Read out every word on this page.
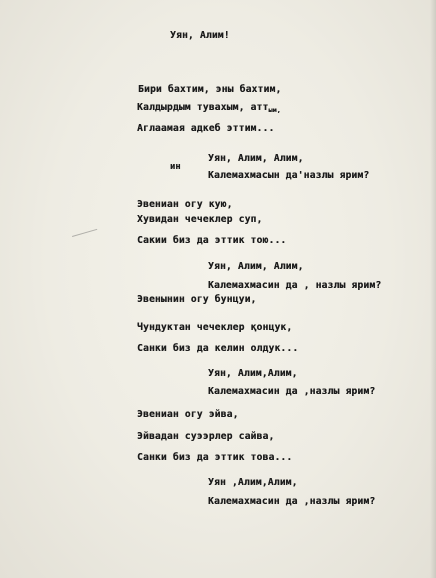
Уян, Алим!
Бири бахтим, эны бахтим,
Калдырдым тувахым, атт$_{ым,}$
Аглаамая адкеб эттим...
Уян, Алим, Алим,
Калемахмасын да'назлы ярим?
ин
Эвениан огу кую,
Хувидан чечеклер суп,
Сакии биз да эттик тою...
Уян, Алим, Алим,
Калемахмасин да , назлы ярим?
Эвенынин огу бунцуи,
Чундуктан чечеклер қонцук,
Санки биз да келин олдук...
Уян, Алим,Алим,
Калемахмасин да ,назлы ярим?
Эвениан огу эйва,
Эйвадан суээрлер сайва,
Санки биз да эттик това...
Уян ,Алим,Алим,
Калемахмасин да ,назлы ярим?
